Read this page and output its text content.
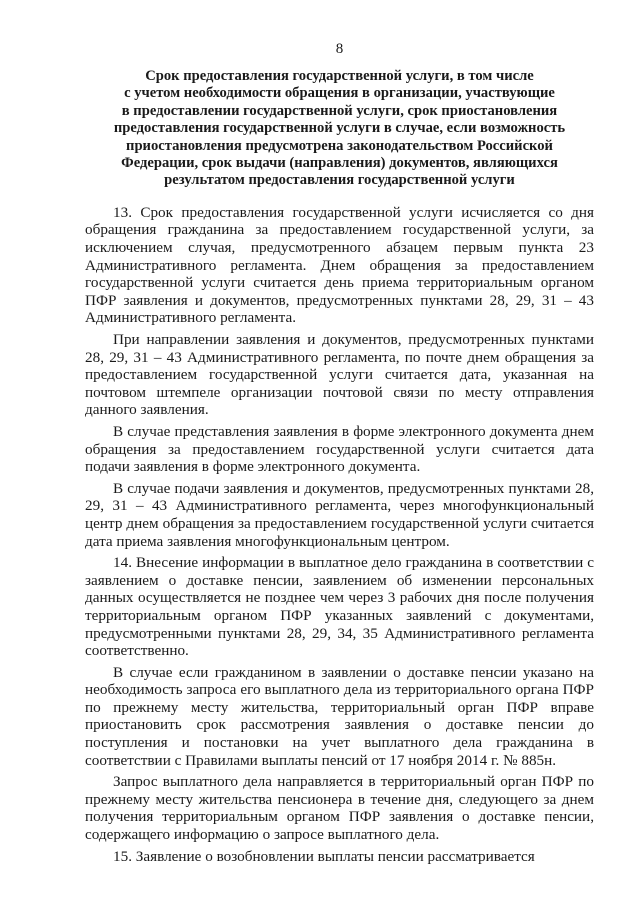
8
Срок предоставления государственной услуги, в том числе
с учетом необходимости обращения в организации, участвующие
в предоставлении государственной услуги, срок приостановления
предоставления государственной услуги в случае, если возможность
приостановления предусмотрена законодательством Российской
Федерации, срок выдачи (направления) документов, являющихся
результатом предоставления государственной услуги

13. Срок предоставления государственной услуги исчисляется со дня обращения гражданина за предоставлением государственной услуги, за исключением случая, предусмотренного абзацем первым пункта 23 Административного регламента. Днем обращения за предоставлением государственной услуги считается день приема территориальным органом ПФР заявления и документов, предусмотренных пунктами 28, 29, 31 – 43 Административного регламента.

При направлении заявления и документов, предусмотренных пунктами 28, 29, 31 – 43 Административного регламента, по почте днем обращения за предоставлением государственной услуги считается дата, указанная на почтовом штемпеле организации почтовой связи по месту отправления данного заявления.

В случае представления заявления в форме электронного документа днем обращения за предоставлением государственной услуги считается дата подачи заявления в форме электронного документа.

В случае подачи заявления и документов, предусмотренных пунктами 28, 29, 31 – 43 Административного регламента, через многофункциональный центр днем обращения за предоставлением государственной услуги считается дата приема заявления многофункциональным центром.

14. Внесение информации в выплатное дело гражданина в соответствии с заявлением о доставке пенсии, заявлением об изменении персональных данных осуществляется не позднее чем через 3 рабочих дня после получения территориальным органом ПФР указанных заявлений с документами, предусмотренными пунктами 28, 29, 34, 35 Административного регламента соответственно.

В случае если гражданином в заявлении о доставке пенсии указано на необходимость запроса его выплатного дела из территориального органа ПФР по прежнему месту жительства, территориальный орган ПФР вправе приостановить срок рассмотрения заявления о доставке пенсии до поступления и постановки на учет выплатного дела гражданина в соответствии с Правилами выплаты пенсий от 17 ноября 2014 г. № 885н.

Запрос выплатного дела направляется в территориальный орган ПФР по прежнему месту жительства пенсионера в течение дня, следующего за днем получения территориальным органом ПФР заявления о доставке пенсии, содержащего информацию о запросе выплатного дела.

15. Заявление о возобновлении выплаты пенсии рассматривается
